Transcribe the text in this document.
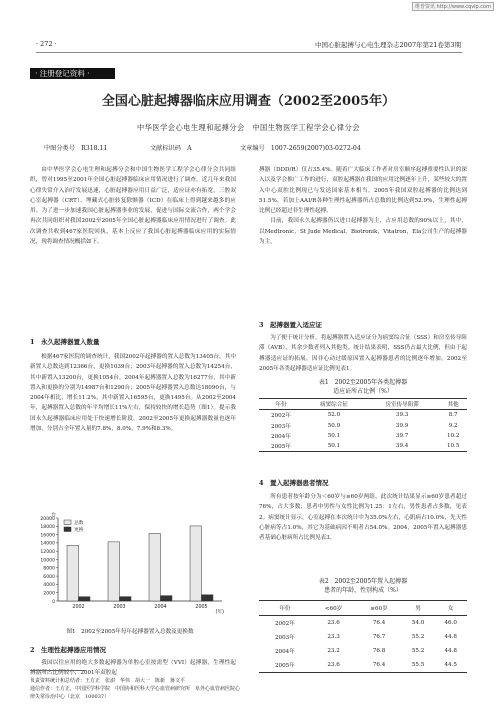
维普资讯 http://www.cqvip.com
· 272 ·	中国心脏起搏与心电生理杂志2007年第21卷第3期
· 注册登记资料 ·
全国心脏起搏器临床应用调查（2002至2005年）
中华医学会心电生理和起搏分会　中国生物医学工程学会心律分会
中图分类号　R318.11	文献标识码　A	文章编号　1007-2659(2007)03-0272-04

由中华医学会心电生理和起搏分会和中国生物医学工程学会心律分会共同组织，曾对1995至2001年全国心脏起搏器临床应用情况进行了调查。近几年来我国心律失常介入治疗发展迅速，心脏起搏器应用日益广泛，适应证亦有拓宽，三腔双心室起搏器（CRT）、埋藏式心脏转复除颤器（ICD）在临床上得到越来越多的应用。为了进一步加速我国心脏起搏器事业的发展，促进与国际交流合作，两个学会再次共同组织对我国2002至2005年全国心脏起搏器临床应用情况进行了调查。此次调查共收到467家医院回执，基本上反应了我国心脏起搏器临床应用的实际情况，现将调查情况概括如下。

1　永久起搏器置入数量

根据467家医院的调查统计，我国2002年起搏器的置入总数为13405台，其中新置人总数达到12366台，更换1039台；2003年起搏器的置入总数为14254台，其中新置入13200台，更换1054台。2004年起搏器置入总数为16277台，其中新置入和更换的分别为14987台和1290台；2005年起搏器置入总数达18090台，与2004年相比，增长11.2%，其中新置入16595台，更换1495台。从2002至2004年，起搏器置入总数的年平均增长11%左右，保持较快的增长趋势（图1）。提示我国永久起搏器临床应用处于快速增长阶段。2002至2005年更换起搏器数量也逐年增加，分别占全年置入量的7.8%，8.0%，7.9%和8.3%。

0
2000
4000
6000
8000
10000
12000
14000
16000
18000
20000
台
2002	2003	2004	2005
(年)
总数
更换
图1　2002至2005年每年起搏器置入总数及更换数
2　生理性起搏器应用情况

我国以往应用的绝大多数起搏器为单腔心室按需型（VVI）起搏器，生理性起搏器所占比例较小，2001年双腔起

负责资料统计和总结者：王方正　张澍　华伟　胡大一　陈新　蒋文平
通信作者：王方正，中国医学科学院　中国协和医科大学心血管病研究所　阜外心血管病医院心律失常诊治中心（北京　100037）

搏器（DDD/R）仅占35.4%。随着广大临床工作者对房室顺序起搏重要性认识的深入以及学会推广工作的进行，双腔起搏器在我国的应用比例逐年上升，某些较大的置入中心双腔比例现已与发达国家基本相当。2005年我国双腔起搏器的比例达到51.5%，若加上AAI/R各种生理性起搏器所占总数的比例达到52.9%，生理性起搏比例已经超过非生理性起搏。

目前，我国永久起搏器仍以进口起搏器为主，占应用总数的90%以上，其中，以Medtronic，St Jude Medical，Biotronik，Vitatron，Ela公司生产的起搏器为主。

3　起搏器置入适应证

为了便于统计分析，将起搏器置入适应证分为病窦综合征（SSS）和房室传导阻滞（AVB），其余少数者列入其他类。统计结果表明，SSS仍占最大比例，但由于起搏器适应证的拓展，因非心动过缓原因置入起搏器患者的比例逐年增加。2002至2005年各类起搏器适应证比例见表1。

表1　2002至2005年各类起搏器
适应证所占比例（%）
年份	病窦综合征	房室传导阻滞	其他
2002年	52.0	39.3	8.7
2003年	50.9	39.9	9.2
2004年	50.1	39.7	10.2
2005年	50.1	39.4	10.5
4　置入起搏器患者情况

所有患者按年龄分为＜60岁与≥60岁两组，此次统计结果显示≥60岁患者超过76%，占大多数；患者中男性与女性比例为1.25：1左右，男性患者占多数，见表2。病窦统计显示，心室起搏在本次统计中为35.0%左右，心肌病占10.0%，先天性心脏病等占1.0%，其它为基础病因不明者占54.0%。2004，2005年置入起搏器患者基础心脏病所占比例见表3。

表2　2002至2005年置入起搏器
患者的年龄，性别构成（%）
年份	<60岁	≥60岁	男	女
2002年	23.6	76.4	54.0	46.0
2003年	23.3	76.7	55.2	44.8
2004年	23.2	76.8	55.2	44.8
2005年	23.6	76.4	55.5	44.5
